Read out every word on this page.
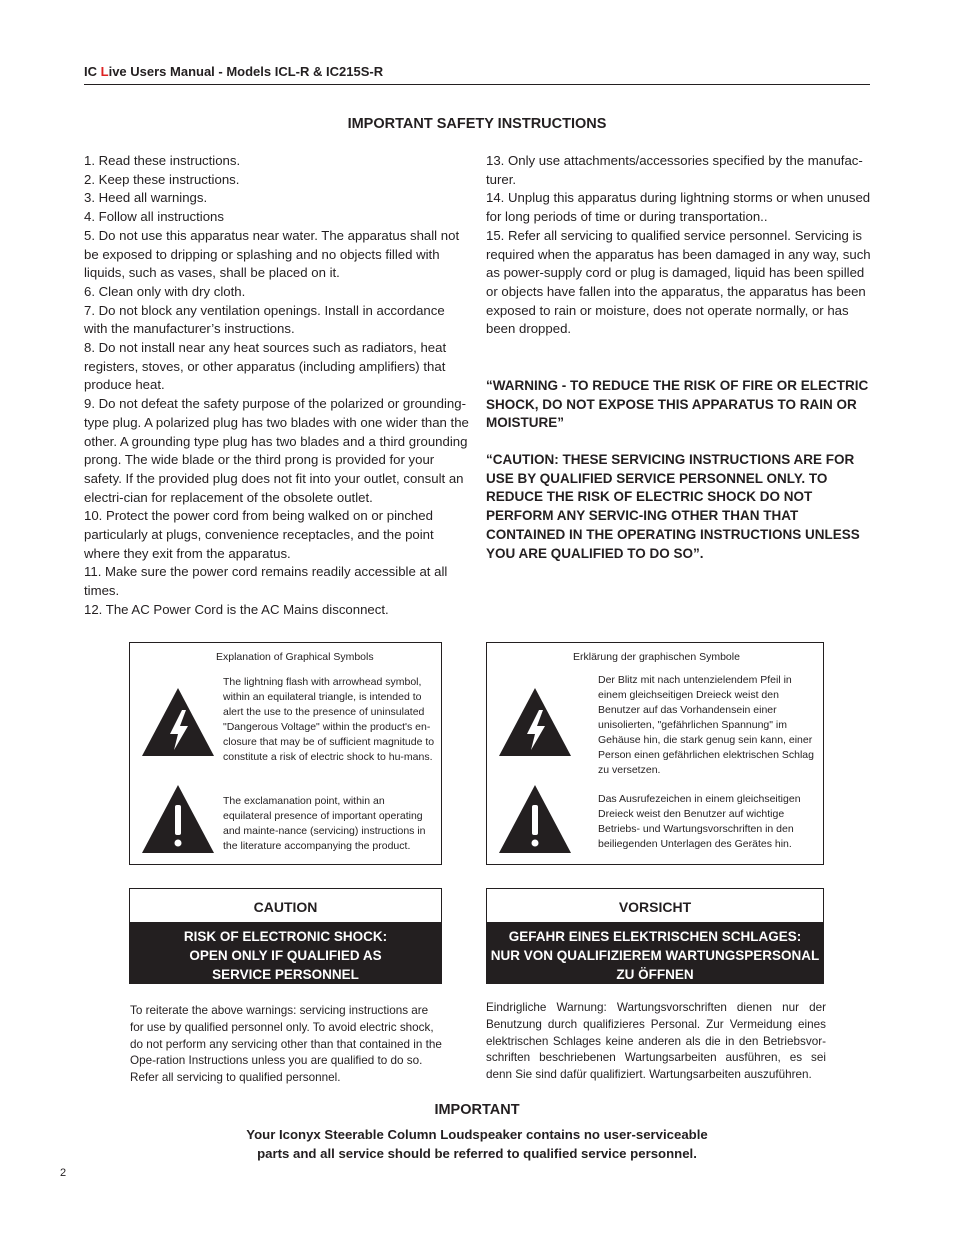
IC Live Users Manual - Models ICL-R & IC215S-R
IMPORTANT SAFETY INSTRUCTIONS

1. Read these instructions.

2. Keep these instructions.

3. Heed all warnings.

4. Follow all instructions

5. Do not use this apparatus near water. The apparatus shall not be exposed to dripping or splashing and no objects filled with liquids, such as vases, shall be placed on it.

6. Clean only with dry cloth.

7. Do not block any ventilation openings. Install in accordance with the manufacturer’s instructions.

8. Do not install near any heat sources such as radiators, heat registers, stoves, or other apparatus (including amplifiers) that produce heat.

9. Do not defeat the safety purpose of the polarized or grounding-type plug. A polarized plug has two blades with one wider than the other. A grounding type plug has two blades and a third grounding prong. The wide blade or the third prong is provided for your safety. If the provided plug does not fit into your outlet, consult an electri-cian for replacement of the obsolete outlet.

10. Protect the power cord from being walked on or pinched particularly at plugs, convenience receptacles, and the point where they exit from the apparatus.

11. Make sure the power cord remains readily accessible at all times.

12. The AC Power Cord is the AC Mains disconnect.

13. Only use attachments/accessories specified by the manufac-turer.

14. Unplug this apparatus during lightning storms or when unused for long periods of time or during transportation..

15. Refer all servicing to qualified service personnel. Servicing is required when the apparatus has been damaged in any way, such as power-supply cord or plug is damaged, liquid has been spilled or objects have fallen into the apparatus, the apparatus has been exposed to rain or moisture, does not operate normally, or has been dropped.

“WARNING - TO REDUCE THE RISK OF FIRE OR ELECTRIC SHOCK, DO NOT EXPOSE THIS APPARATUS TO RAIN OR MOISTURE”

“CAUTION: THESE SERVICING INSTRUCTIONS ARE FOR USE BY QUALIFIED SERVICE PERSONNEL ONLY. TO REDUCE THE RISK OF ELECTRIC SHOCK DO NOT PERFORM ANY SERVIC-ING OTHER THAN THAT CONTAINED IN THE OPERATING INSTRUCTIONS UNLESS YOU ARE QUALIFIED TO DO SO”.

Explanation of Graphical Symbols
The lightning flash with arrowhead symbol, within an equilateral triangle, is intended to alert the use to the presence of uninsulated "Dangerous Voltage" within the product's en-closure that may be of sufficient magnitude to constitute a risk of electric shock to hu-mans.
The exclamanation point, within an equilateral presence of important operating and mainte-nance (servicing) instructions in the literature accompanying the product.
Erklärung der graphischen Symbole
Der Blitz mit nach untenzielendem Pfeil in einem gleichseitigen Dreieck weist den Benutzer auf das Vorhandensein einer unisolierten, "gefährlichen Spannung" im Gehäuse hin, die stark genug sein kann, einer Person einen gefährlichen elektrischen Schlag zu versetzen.
Das Ausrufezeichen in einem gleichseitigen Dreieck weist den Benutzer auf wichtige Betriebs- und Wartungsvorschriften in den beiliegenden Unterlagen des Gerätes hin.
CAUTION
RISK OF ELECTRONIC SHOCK:
OPEN ONLY IF QUALIFIED AS
SERVICE PERSONNEL
VORSICHT
GEFAHR EINES ELEKTRISCHEN SCHLAGES:
NUR VON QUALIFIZIEREM WARTUNGSPERSONAL
ZU ÖFFNEN
To reiterate the above warnings: servicing instructions are for use by qualified personnel only. To avoid electric shock, do not perform any servicing other than that contained in the Ope-ration Instructions unless you are qualified to do so. Refer all servicing to qualified personnel.
Eindrigliche Warnung: Wartungsvorschriften dienen nur der Benutzung durch qualifizieres Personal. Zur Vermeidung eines elektrischen Schlages keine anderen als die in den Betriebsvor-schriften beschriebenen Wartungsarbeiten ausführen, es sei denn Sie sind dafür qualifiziert. Wartungsarbeiten auszuführen.
IMPORTANT
Your Iconyx Steerable Column Loudspeaker contains no user-serviceable
parts and all service should be referred to qualified service personnel.
2
